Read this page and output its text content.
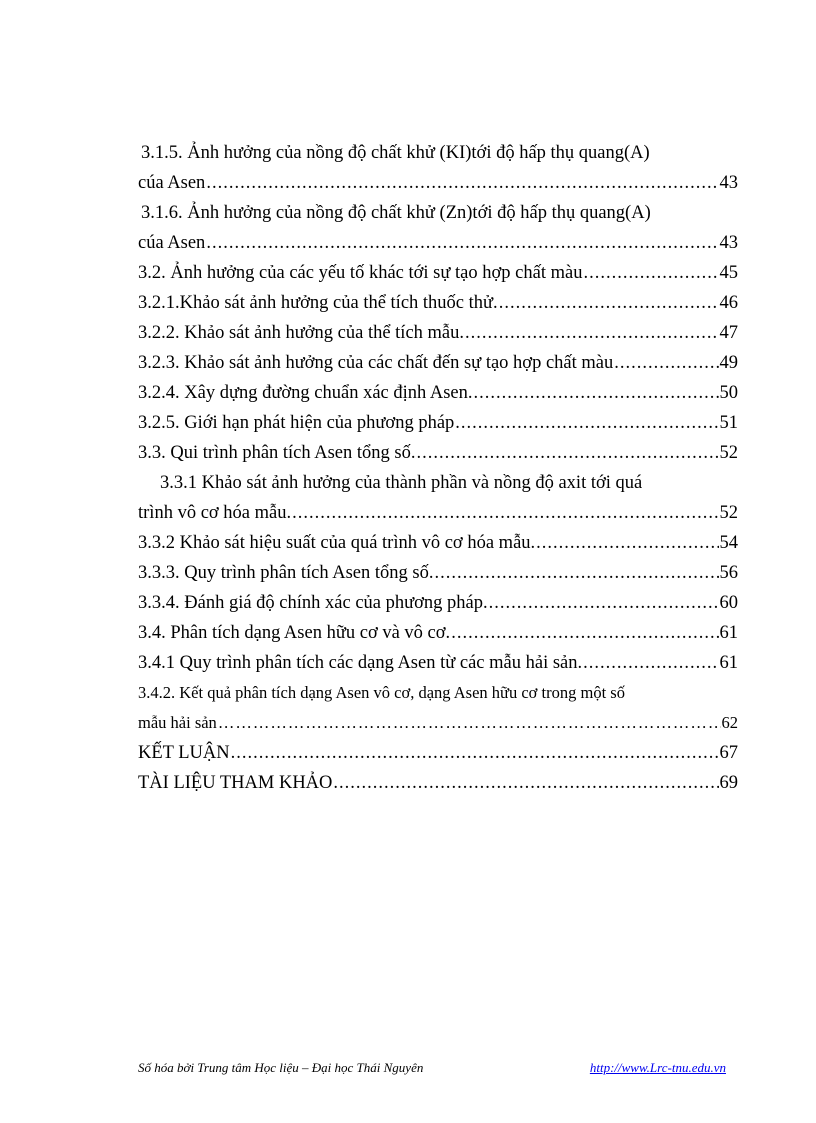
3.1.5. Ảnh hưởng của nồng độ chất khử (KI)tới độ hấp thụ quang(A)
cúa Asen .....	43
3.1.6. Ảnh hưởng của nồng độ chất khử (Zn)tới độ hấp thụ quang(A)
cúa Asen .....	43
3.2. Ảnh hưởng của các yếu tố khác tới sự tạo hợp chất màu .....	45
3.2.1.Khảo sát ảnh hưởng của thể tích thuốc thử. .....	46
3.2.2. Khảo sát ảnh hưởng của thể tích mẫu. .....	47
3.2.3. Khảo sát ảnh hưởng của các chất đến sự tạo hợp chất màu .....	49
3.2.4. Xây dựng đường chuẩn xác định Asen. .....	50
3.2.5. Giới hạn phát hiện của phương pháp .....	51
3.3. Qui trình phân tích Asen tổng số. .....	52
3.3.1 Khảo sát ảnh hưởng của thành phần và nồng độ axit tới quá
trình vô cơ hóa mẫu. .....	52
3.3.2 Khảo sát hiệu suất của quá trình vô cơ hóa mẫu. .....	54
3.3.3. Quy trình phân tích Asen tổng số. .....	56
3.3.4. Đánh giá độ chính xác của phương pháp. .....	60
3.4. Phân tích dạng Asen hữu cơ và vô cơ. .....	61
3.4.1 Quy trình phân tích các dạng Asen từ các mẫu hải sản. .....	61
3.4.2. Kết quả phân tích dạng Asen vô cơ, dạng Asen hữu cơ trong một số
mẫu hải sản ……………………………………………………………………………………………………………………………………………	62
KẾT LUẬN .....	67
TÀI LIỆU THAM KHẢO .....	69
Số hóa bởi Trung tâm Học liệu – Đại học Thái Nguyên	http://www.Lrc-tnu.edu.vn
